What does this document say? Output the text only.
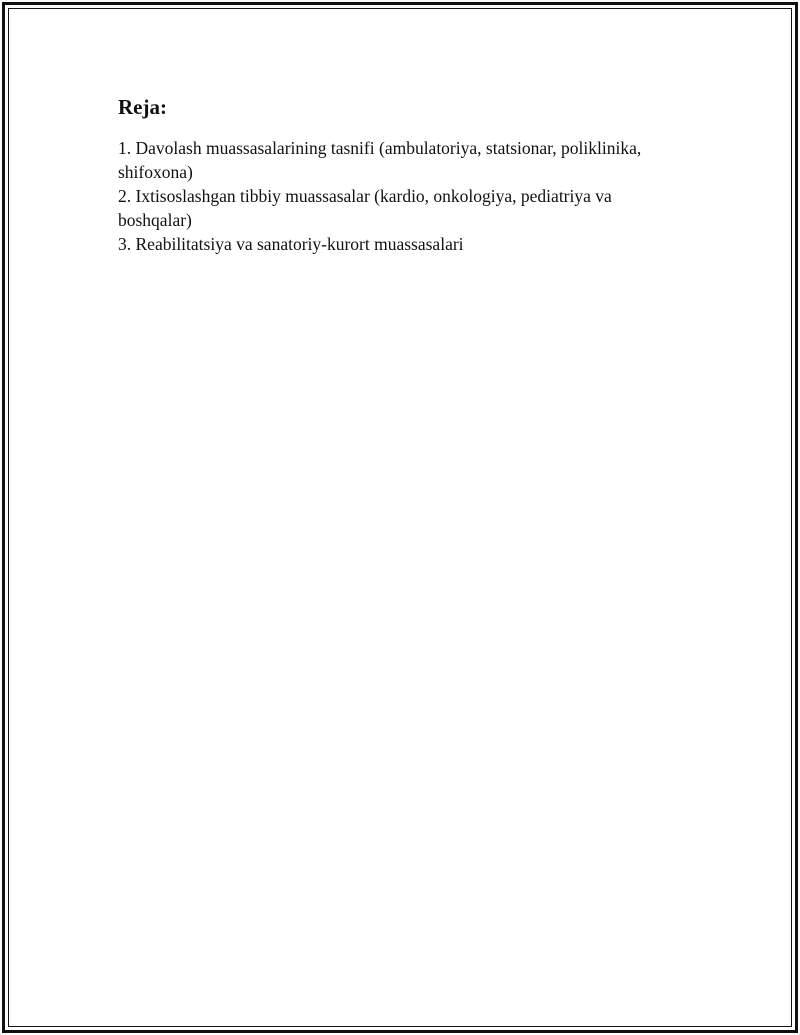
Reja:
1. Davolash muassasalarining tasnifi (ambulatoriya, statsionar, poliklinika, shifoxona)
2. Ixtisoslashgan tibbiy muassasalar (kardio, onkologiya, pediatriya va boshqalar)
3. Reabilitatsiya va sanatoriy-kurort muassasalari
